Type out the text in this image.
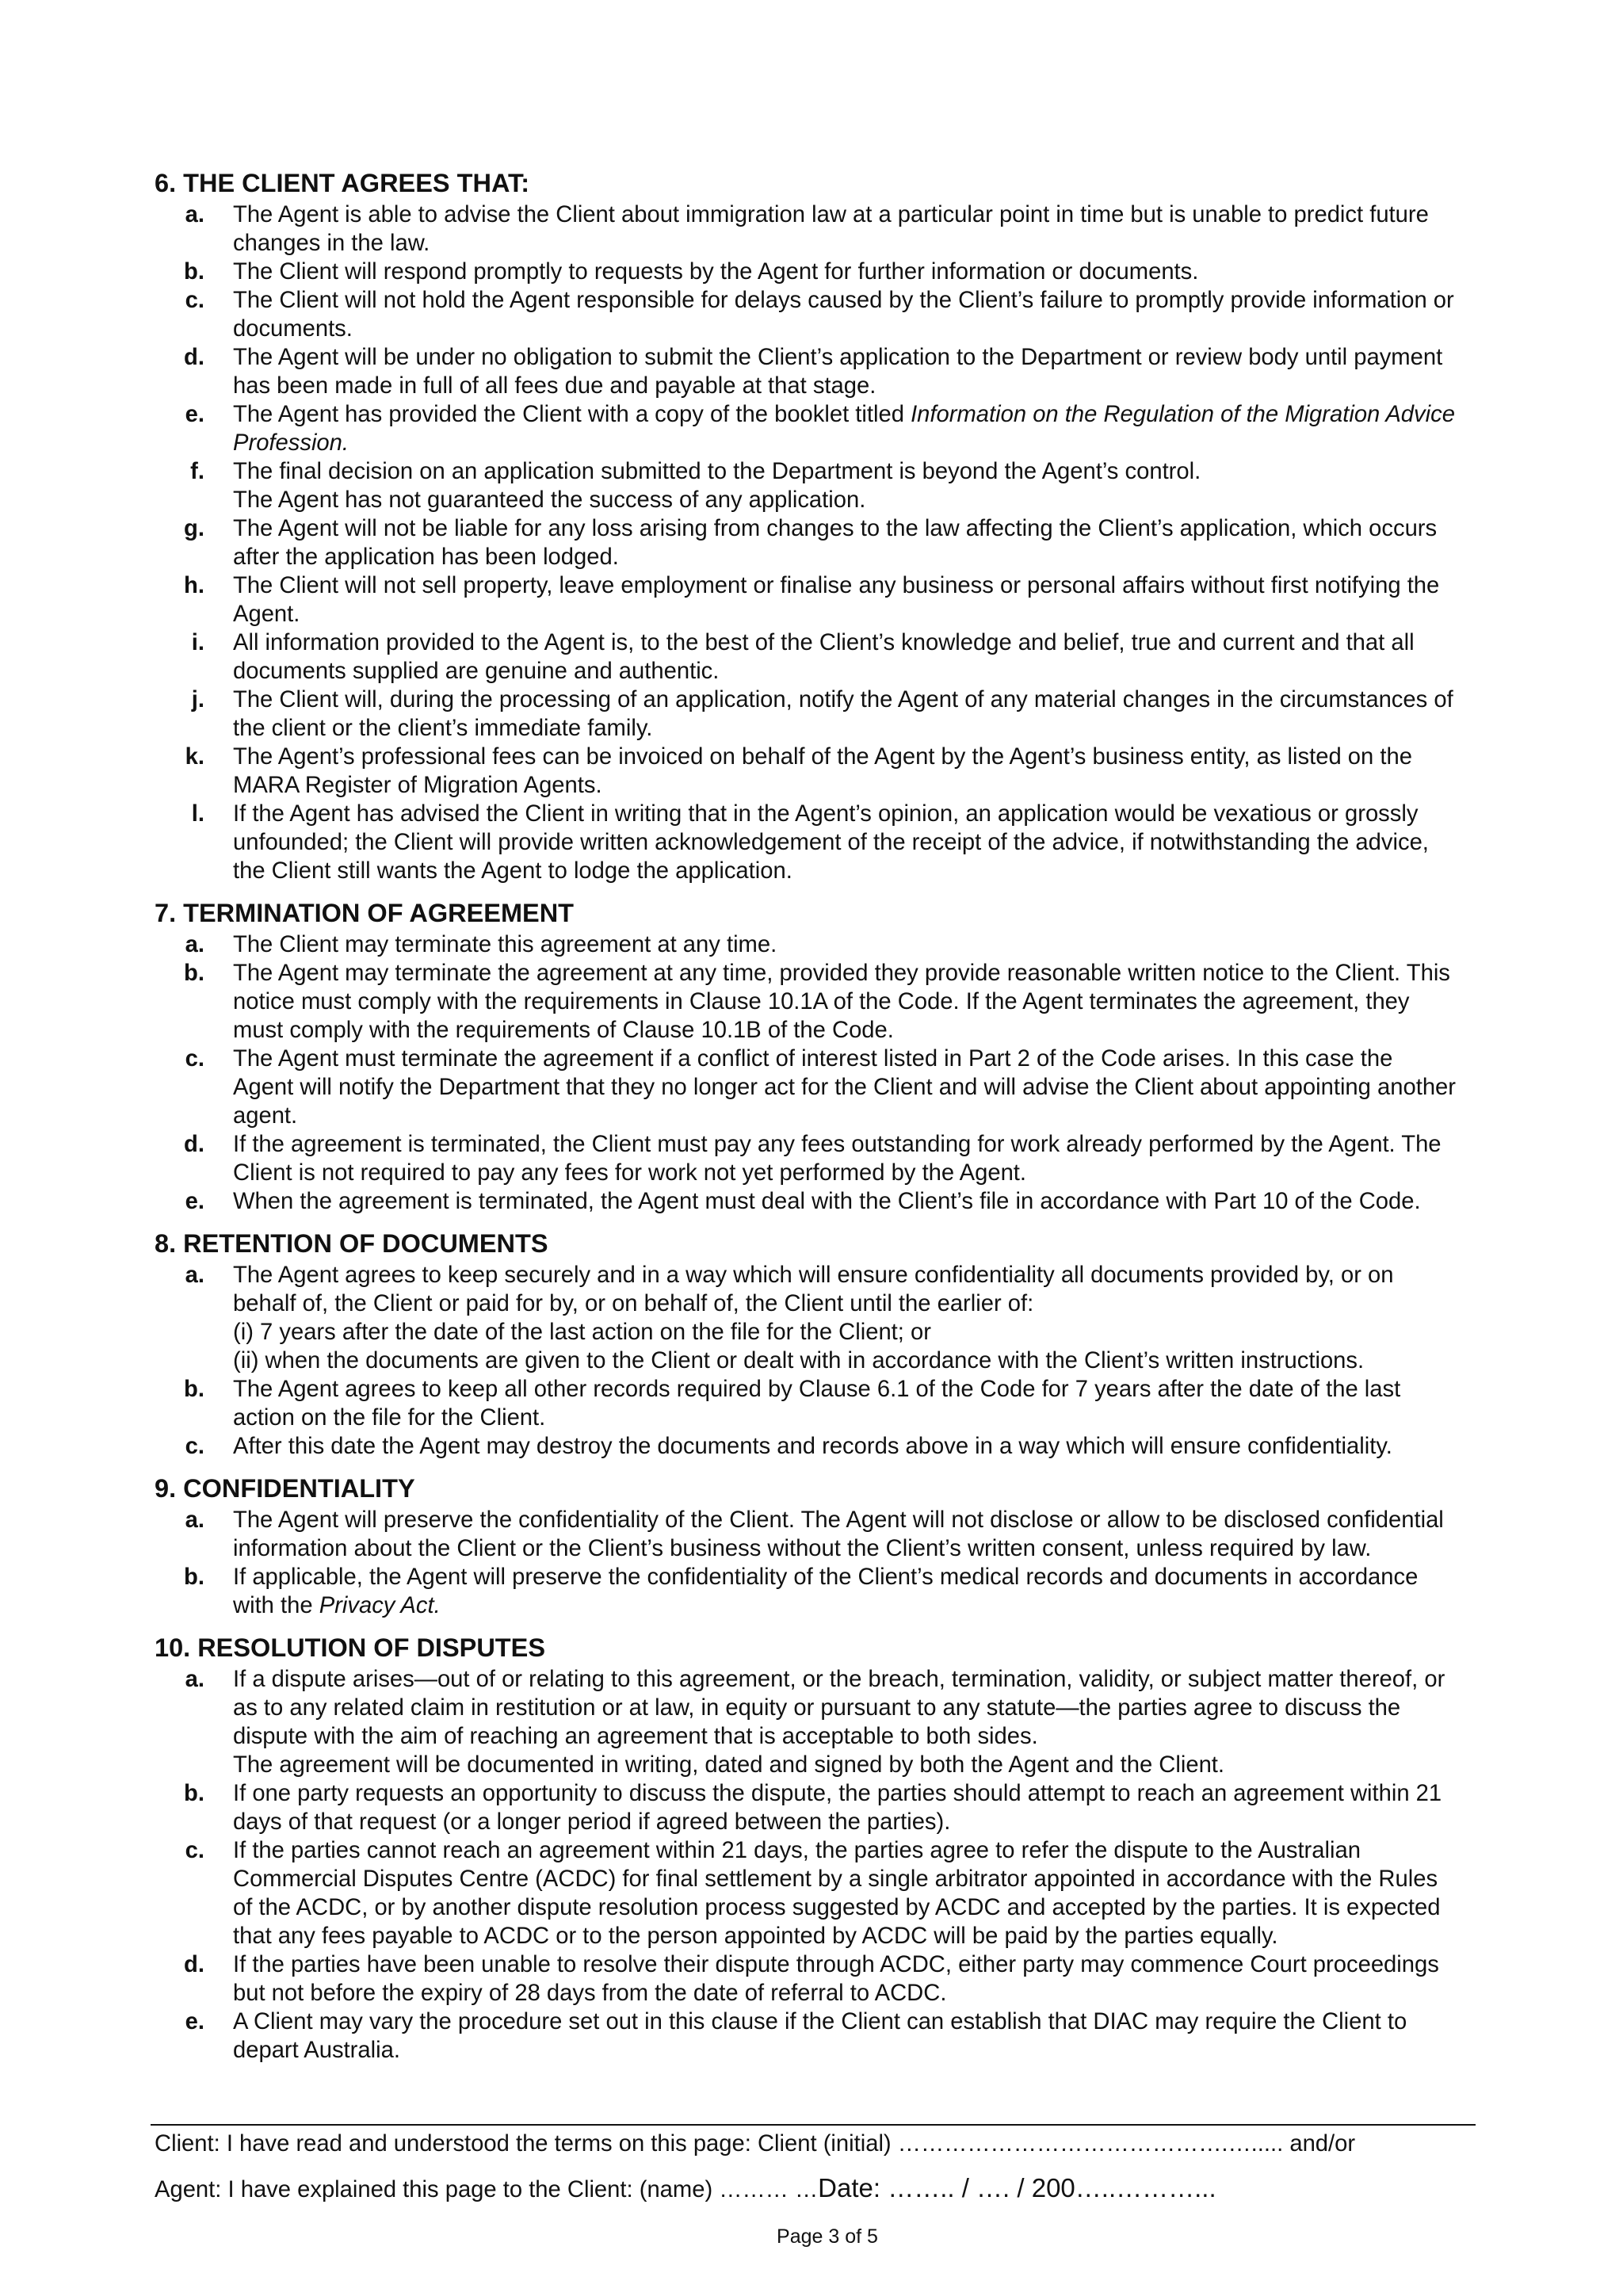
6. THE CLIENT AGREES THAT:
a.	The Agent is able to advise the Client about immigration law at a particular point in time but is unable to predict future
changes in the law.
b.	The Client will respond promptly to requests by the Agent for further information or documents.
c.	The Client will not hold the Agent responsible for delays caused by the Client’s failure to promptly provide information or
documents.
d.	The Agent will be under no obligation to submit the Client’s application to the Department or review body until payment
has been made in full of all fees due and payable at that stage.
e.	The Agent has provided the Client with a copy of the booklet titled Information on the Regulation of the Migration Advice
Profession.
f.	The final decision on an application submitted to the Department is beyond the Agent’s control.
The Agent has not guaranteed the success of any application.
g.	The Agent will not be liable for any loss arising from changes to the law affecting the Client’s application, which occurs
after the application has been lodged.
h.	The Client will not sell property, leave employment or finalise any business or personal affairs without first notifying the
Agent.
i.	All information provided to the Agent is, to the best of the Client’s knowledge and belief, true and current and that all
documents supplied are genuine and authentic.
j.	The Client will, during the processing of an application, notify the Agent of any material changes in the circumstances of
the client or the client’s immediate family.
k.	The Agent’s professional fees can be invoiced on behalf of the Agent by the Agent’s business entity, as listed on the
MARA Register of Migration Agents.
l.	If the Agent has advised the Client in writing that in the Agent’s opinion, an application would be vexatious or grossly
unfounded; the Client will provide written acknowledgement of the receipt of the advice, if notwithstanding the advice,
the Client still wants the Agent to lodge the application.
7. TERMINATION OF AGREEMENT
a.	The Client may terminate this agreement at any time.
b.	The Agent may terminate the agreement at any time, provided they provide reasonable written notice to the Client. This
notice must comply with the requirements in Clause 10.1A of the Code. If the Agent terminates the agreement, they
must comply with the requirements of Clause 10.1B of the Code.
c.	The Agent must terminate the agreement if a conflict of interest listed in Part 2 of the Code arises. In this case the
Agent will notify the Department that they no longer act for the Client and will advise the Client about appointing another
agent.
d.	If the agreement is terminated, the Client must pay any fees outstanding for work already performed by the Agent. The
Client is not required to pay any fees for work not yet performed by the Agent.
e.	When the agreement is terminated, the Agent must deal with the Client’s file in accordance with Part 10 of the Code.
8. RETENTION OF DOCUMENTS
a.	The Agent agrees to keep securely and in a way which will ensure confidentiality all documents provided by, or on
behalf of, the Client or paid for by, or on behalf of, the Client until the earlier of:
(i) 7 years after the date of the last action on the file for the Client; or
(ii) when the documents are given to the Client or dealt with in accordance with the Client’s written instructions.
b.	The Agent agrees to keep all other records required by Clause 6.1 of the Code for 7 years after the date of the last
action on the file for the Client.
c.	After this date the Agent may destroy the documents and records above in a way which will ensure confidentiality.
9. CONFIDENTIALITY
a.	The Agent will preserve the confidentiality of the Client. The Agent will not disclose or allow to be disclosed confidential
information about the Client or the Client’s business without the Client’s written consent, unless required by law.
b.	If applicable, the Agent will preserve the confidentiality of the Client’s medical records and documents in accordance
with the Privacy Act.
10. RESOLUTION OF DISPUTES
a.	If a dispute arises—out of or relating to this agreement, or the breach, termination, validity, or subject matter thereof, or
as to any related claim in restitution or at law, in equity or pursuant to any statute—the parties agree to discuss the
dispute with the aim of reaching an agreement that is acceptable to both sides.
The agreement will be documented in writing, dated and signed by both the Agent and the Client.
b.	If one party requests an opportunity to discuss the dispute, the parties should attempt to reach an agreement within 21
days of that request (or a longer period if agreed between the parties).
c.	If the parties cannot reach an agreement within 21 days, the parties agree to refer the dispute to the Australian
Commercial Disputes Centre (ACDC) for final settlement by a single arbitrator appointed in accordance with the Rules
of the ACDC, or by another dispute resolution process suggested by ACDC and accepted by the parties. It is expected
that any fees payable to ACDC or to the person appointed by ACDC will be paid by the parties equally.
d.	If the parties have been unable to resolve their dispute through ACDC, either party may commence Court proceedings
but not before the expiry of 28 days from the date of referral to ACDC.
e.	A Client may vary the procedure set out in this clause if the Client can establish that DIAC may require the Client to
depart Australia.
Client: I have read and understood the terms on this page: Client (initial) …………………………………….…..... and/or
Agent: I have explained this page to the Client: (name) ……… …Date: …….. / …. / 200…..………...
Page 3 of 5
